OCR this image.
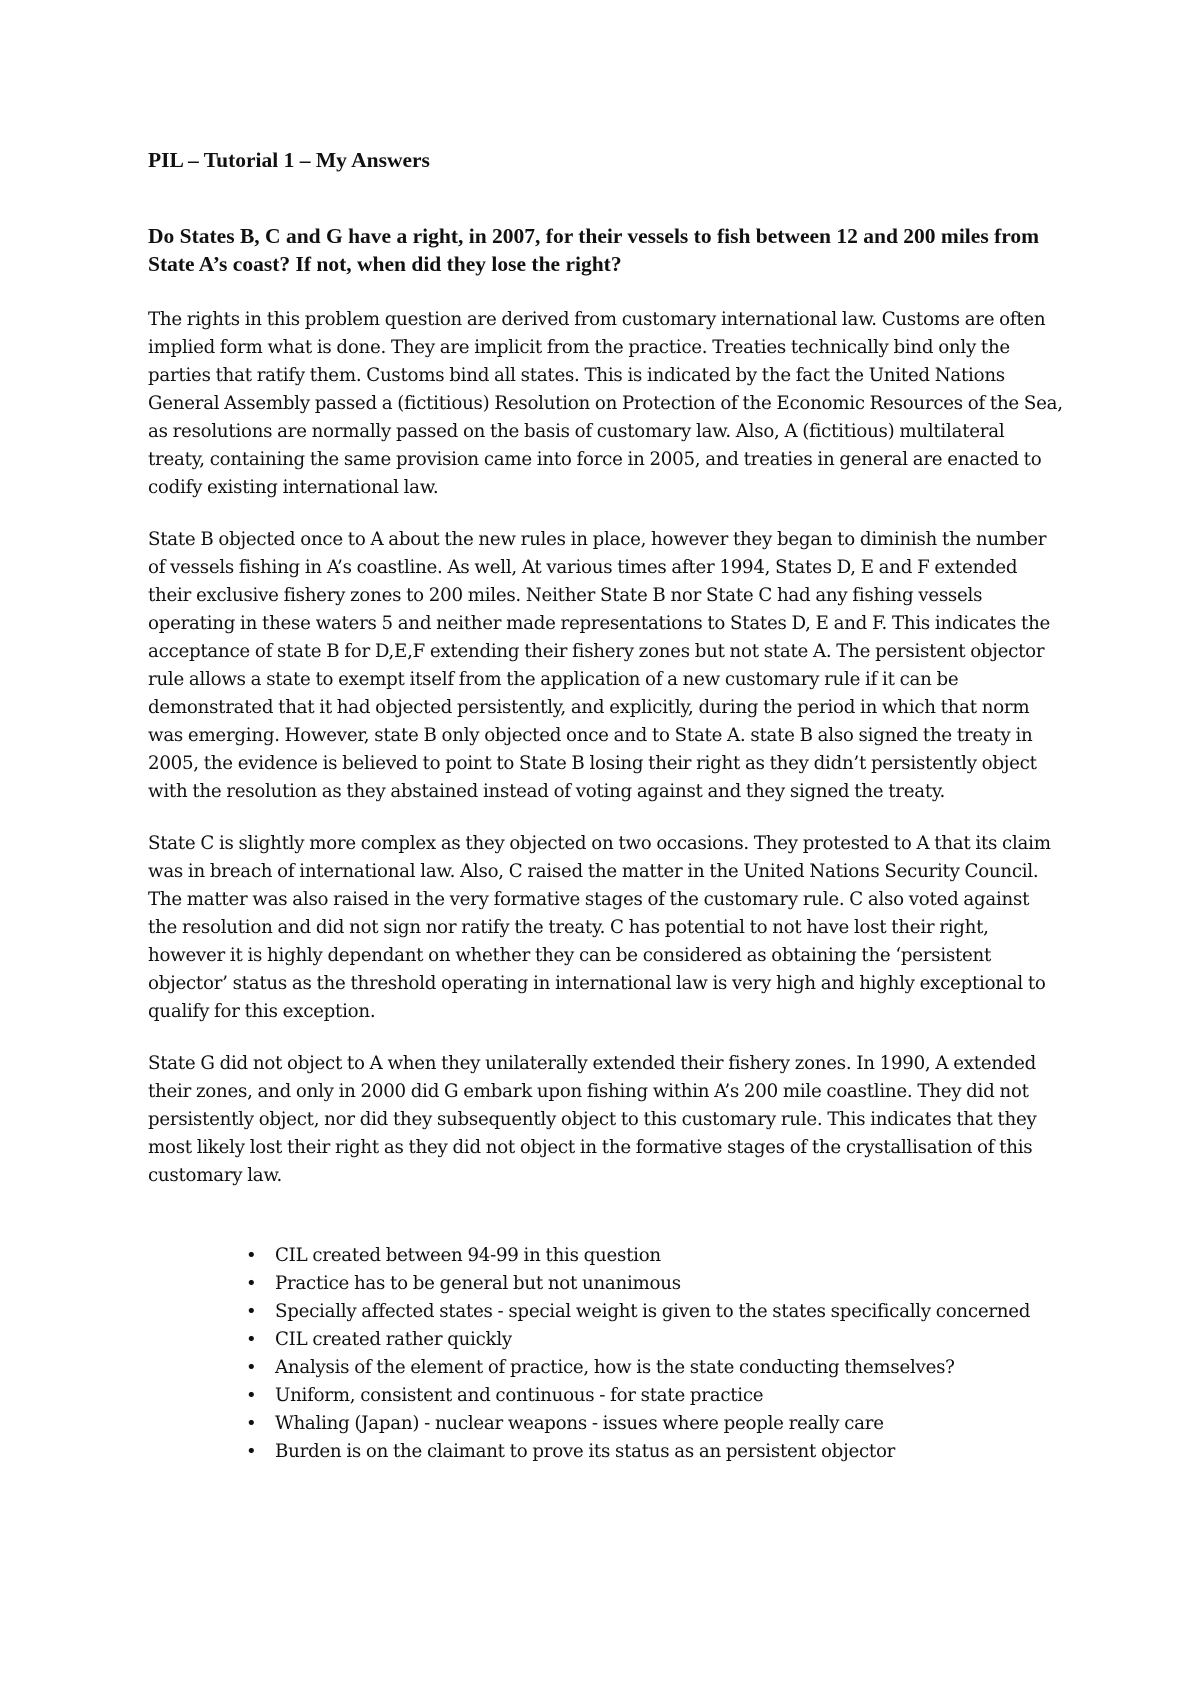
PIL – Tutorial 1 – My Answers

Do States B, C and G have a right, in 2007, for their vessels to fish between 12 and 200 miles from State A’s coast? If not, when did they lose the right?

The rights in this problem question are derived from customary international law. Customs are often implied form what is done. They are implicit from the practice. Treaties technically bind only the parties that ratify them. Customs bind all states. This is indicated by the fact the United Nations General Assembly passed a (fictitious) Resolution on Protection of the Economic Resources of the Sea, as resolutions are normally passed on the basis of customary law. Also, A (fictitious) multilateral treaty, containing the same provision came into force in 2005, and treaties in general are enacted to codify existing international law.

State B objected once to A about the new rules in place, however they began to diminish the number of vessels fishing in A’s coastline. As well, At various times after 1994, States D, E and F extended their exclusive fishery zones to 200 miles. Neither State B nor State C had any fishing vessels operating in these waters 5 and neither made representations to States D, E and F. This indicates the acceptance of state B for D,E,F extending their fishery zones but not state A. The persistent objector rule allows a state to exempt itself from the application of a new customary rule if it can be demonstrated that it had objected persistently, and explicitly, during the period in which that norm was emerging. However, state B only objected once and to State A. state B also signed the treaty in 2005, the evidence is believed to point to State B losing their right as they didn’t persistently object with the resolution as they abstained instead of voting against and they signed the treaty.

State C is slightly more complex as they objected on two occasions. They protested to A that its claim was in breach of international law. Also, C raised the matter in the United Nations Security Council. The matter was also raised in the very formative stages of the customary rule. C also voted against the resolution and did not sign nor ratify the treaty. C has potential to not have lost their right, however it is highly dependant on whether they can be considered as obtaining the ‘persistent objector’ status as the threshold operating in international law is very high and highly exceptional to qualify for this exception.

State G did not object to A when they unilaterally extended their fishery zones. In 1990, A extended their zones, and only in 2000 did G embark upon fishing within A’s 200 mile coastline. They did not persistently object, nor did they subsequently object to this customary rule. This indicates that they most likely lost their right as they did not object in the formative stages of the crystallisation of this customary law.

• CIL created between 94-99 in this question
• Practice has to be general but not unanimous
• Specially affected states - special weight is given to the states specifically concerned
• CIL created rather quickly
• Analysis of the element of practice, how is the state conducting themselves?
• Uniform, consistent and continuous - for state practice
• Whaling (Japan) - nuclear weapons - issues where people really care
• Burden is on the claimant to prove its status as an persistent objector
